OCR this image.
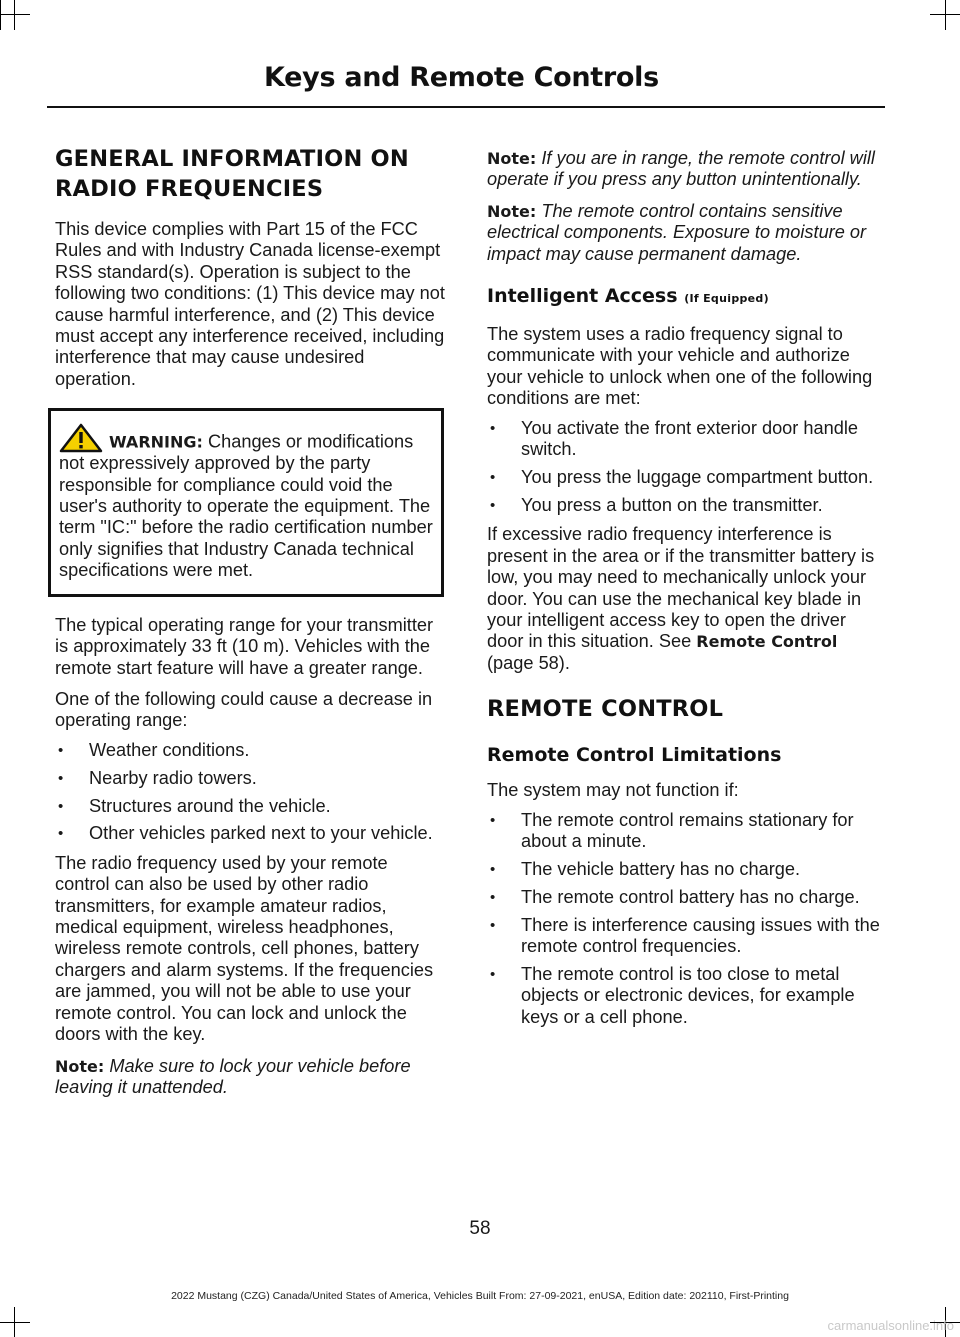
Keys and Remote Controls
GENERAL INFORMATION ON
RADIO FREQUENCIES

This device complies with Part 15 of the FCC Rules and with Industry Canada license-exempt RSS standard(s). Operation is subject to the following two conditions: (1) This device may not cause harmful interference, and (2) This device must accept any interference received, including interference that may cause undesired operation.

WARNING: Changes or modifications not expressively approved by the party responsible for compliance could void the user's authority to operate the equipment. The term "IC:" before the radio certification number only signifies that Industry Canada technical specifications were met.

The typical operating range for your transmitter is approximately 33 ft (10 m). Vehicles with the remote start feature will have a greater range.

One of the following could cause a decrease in operating range:

• Weather conditions.
• Nearby radio towers.
• Structures around the vehicle.
• Other vehicles parked next to your vehicle.

The radio frequency used by your remote control can also be used by other radio transmitters, for example amateur radios, medical equipment, wireless headphones, wireless remote controls, cell phones, battery chargers and alarm systems. If the frequencies are jammed, you will not be able to use your remote control. You can lock and unlock the doors with the key.

Note: Make sure to lock your vehicle before leaving it unattended.

Note: If you are in range, the remote control will operate if you press any button unintentionally.

Note: The remote control contains sensitive electrical components. Exposure to moisture or impact may cause permanent damage.

Intelligent Access (If Equipped)

The system uses a radio frequency signal to communicate with your vehicle and authorize your vehicle to unlock when one of the following conditions are met:

• You activate the front exterior door handle switch.
• You press the luggage compartment button.
• You press a button on the transmitter.

If excessive radio frequency interference is present in the area or if the transmitter battery is low, you may need to mechanically unlock your door. You can use the mechanical key blade in your intelligent access key to open the driver door in this situation. See Remote Control (page 58).

REMOTE CONTROL
Remote Control Limitations

The system may not function if:

• The remote control remains stationary for about a minute.
• The vehicle battery has no charge.
• The remote control battery has no charge.
• There is interference causing issues with the remote control frequencies.
• The remote control is too close to metal objects or electronic devices, for example keys or a cell phone.
58
2022 Mustang (CZG) Canada/United States of America, Vehicles Built From: 27-09-2021, enUSA, Edition date: 202110, First-Printing
carmanualsonline.info
